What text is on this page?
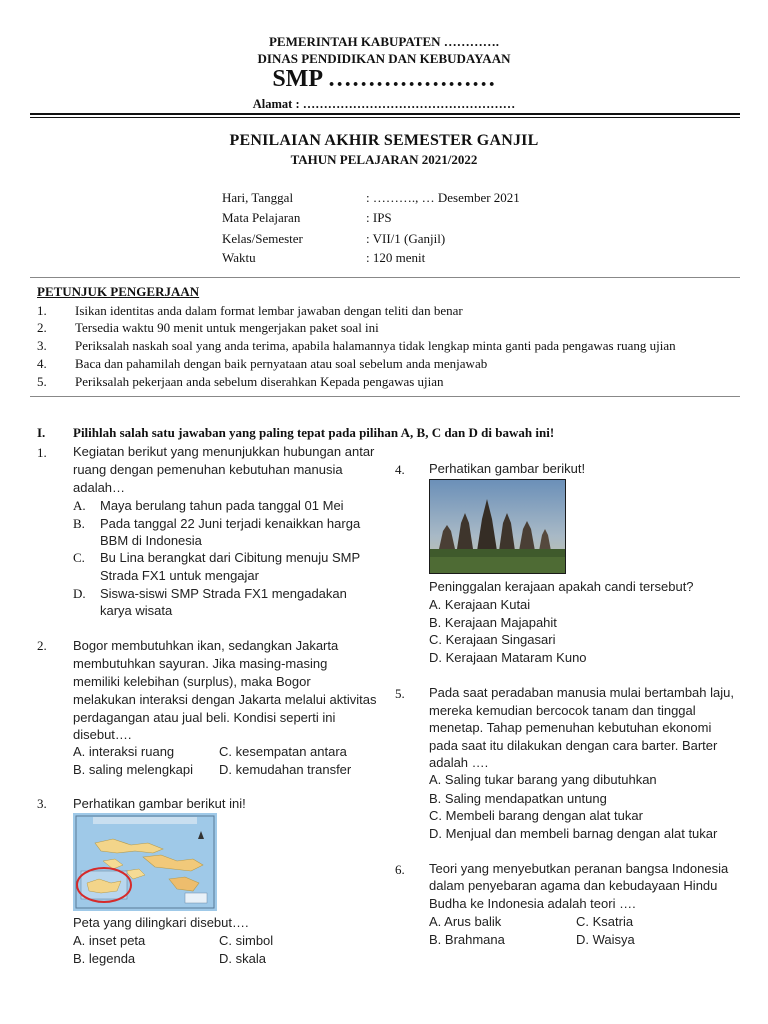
PEMERINTAH KABUPATEN ………….
DINAS PENDIDIKAN DAN KEBUDAYAAN
SMP …………………
Alamat : ……………………………………………
PENILAIAN AKHIR SEMESTER GANJIL
TAHUN PELAJARAN 2021/2022
Hari, Tanggal	: ………., … Desember 2021
Mata Pelajaran	: IPS
Kelas/Semester	: VII/1 (Ganjil)
Waktu	: 120 menit
PETUNJUK PENGERJAAN
1. Isikan identitas anda dalam format lembar jawaban dengan teliti dan benar
2. Tersedia waktu 90 menit untuk mengerjakan paket soal ini
3. Periksalah naskah soal yang anda terima, apabila halamannya tidak lengkap minta ganti pada pengawas ruang ujian
4. Baca dan pahamilah dengan baik pernyataan atau soal sebelum anda menjawab
5. Periksalah pekerjaan anda sebelum diserahkan Kepada pengawas ujian
I. Pilihlah salah satu jawaban yang paling tepat pada pilihan A, B, C dan D di bawah ini!
1. Kegiatan berikut yang menunjukkan hubungan antar
ruang dengan pemenuhan kebutuhan manusia
adalah…
A. Maya berulang tahun pada tanggal 01 Mei
B. Pada tanggal 22 Juni terjadi kenaikkan harga
BBM di Indonesia
C. Bu Lina berangkat dari Cibitung menuju SMP
Strada FX1 untuk mengajar
D. Siswa-siswi SMP Strada FX1 mengadakan
karya wisata
2. Bogor membutuhkan ikan, sedangkan Jakarta
membutuhkan sayuran. Jika masing-masing
memiliki kelebihan (surplus), maka Bogor
melakukan interaksi dengan Jakarta melalui aktivitas
perdagangan atau jual beli. Kondisi seperti ini
disebut….
A. interaksi ruang
B. saling melengkapi
C. kesempatan antara
D. kemudahan transfer
3. Perhatikan gambar berikut ini!
Peta yang dilingkari disebut….
A. inset peta
B. legenda
C. simbol
D. skala
4. Perhatikan gambar berikut!
Peninggalan kerajaan apakah candi tersebut?
A. Kerajaan Kutai
B. Kerajaan Majapahit
C. Kerajaan Singasari
D. Kerajaan Mataram Kuno
5. Pada saat peradaban manusia mulai bertambah laju,
mereka kemudian bercocok tanam dan tinggal
menetap. Tahap pemenuhan kebutuhan ekonomi
pada saat itu dilakukan dengan cara barter. Barter
adalah ….
A. Saling tukar barang yang dibutuhkan
B. Saling mendapatkan untung
C. Membeli barang dengan alat tukar
D. Menjual dan membeli barnag dengan alat tukar
6. Teori yang menyebutkan peranan bangsa Indonesia
dalam penyebaran agama dan kebudayaan Hindu
Budha ke Indonesia adalah teori ….
A. Arus balik
B. Brahmana
C. Ksatria
D. Waisya
